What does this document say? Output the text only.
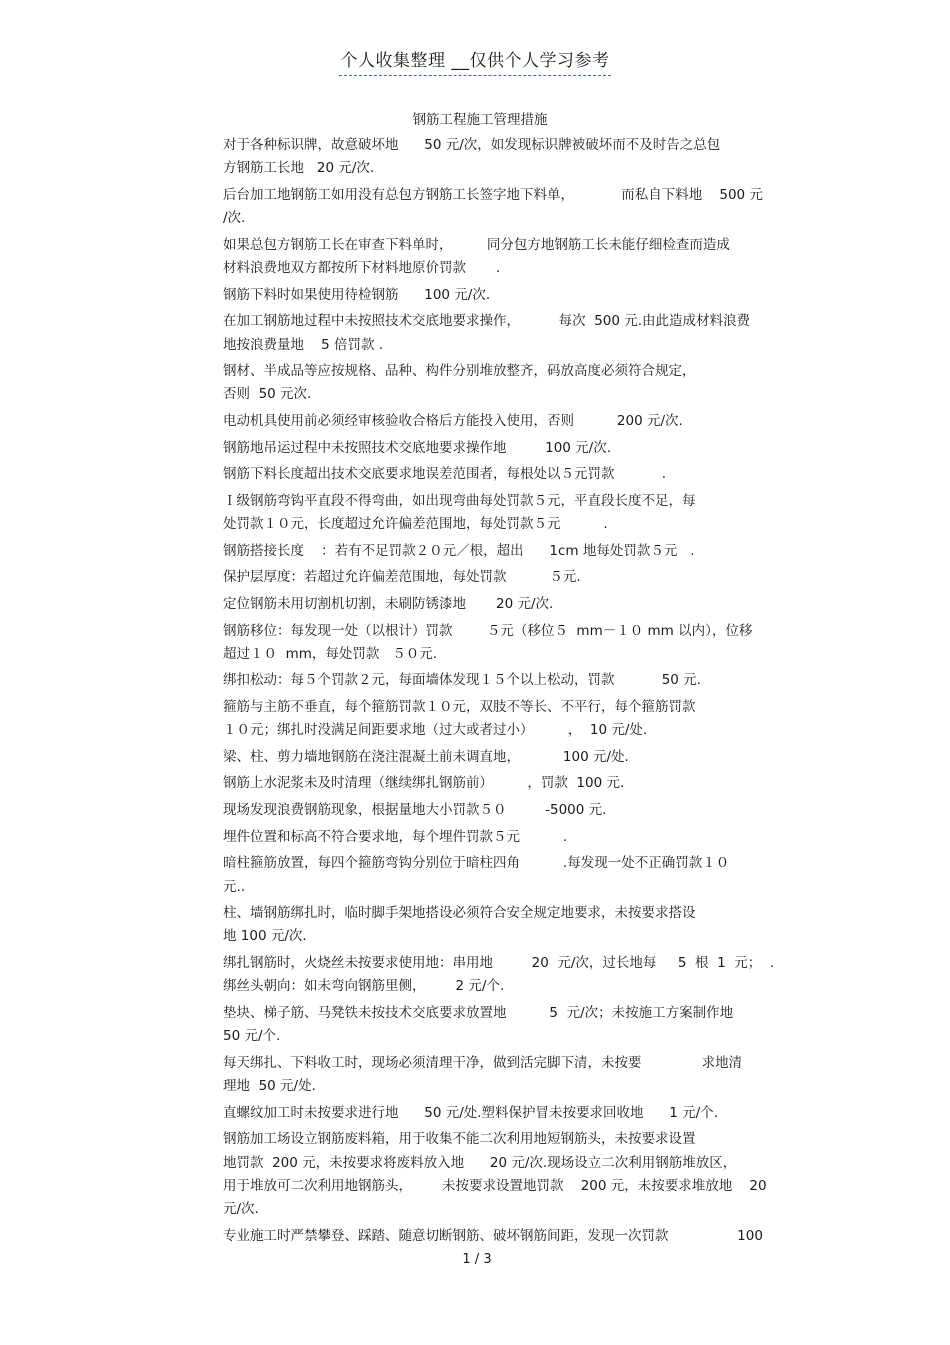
个人收集整理 __仅供个人学习参考
钢筋工程施工管理措施

对于各种标识牌，故意破坏地      50 元/次，如发现标识牌被破坏而不及时告之总包
方钢筋工长地   20 元/次.

后台加工地钢筋工如用没有总包方钢筋工长签字地下料单，           而私自下料地    500 元
/次.

如果总包方钢筋工长在审查下料单时，        同分包方地钢筋工长未能仔细检查而造成
材料浪费地双方都按所下材料地原价罚款       .

钢筋下料时如果使用待检钢筋      100 元/次.

在加工钢筋地过程中未按照技术交底地要求操作，         每次  500 元.由此造成材料浪费
地按浪费量地    5 倍罚款 .

钢材、半成品等应按规格、品种、构件分别堆放整齐，码放高度必须符合规定，
否则  50 元次.

电动机具使用前必须经审核验收合格后方能投入使用，否则          200 元/次.

钢筋地吊运过程中未按照技术交底地要求操作地         100 元/次.

钢筋下料长度超出技术交底要求地误差范围者，每根处以５元罚款           .

Ｉ级钢筋弯钩平直段不得弯曲，如出现弯曲每处罚款５元，平直段长度不足，每
处罚款１０元，长度超过允许偏差范围地，每处罚款５元          .

钢筋搭接长度    ：若有不足罚款２０元／根，超出      1cm 地每处罚款５元   .

保护层厚度：若超过允许偏差范围地，每处罚款          ５元.

定位钢筋未用切割机切割，未刷防锈漆地       20 元/次.

钢筋移位：每发现一处（以根计）罚款        ５元（移位５  mm－１０ mm 以内），位移
超过１０  mm，每处罚款   ５０元.

绑扣松动：每５个罚款２元，每面墙体发现１５个以上松动，罚款           50 元.

箍筋与主筋不垂直，每个箍筋罚款１０元，双肢不等长、不平行，每个箍筋罚款
１０元；绑扎时没满足间距要求地（过大或者过小）        ，  10 元/处.

梁、柱、剪力墙地钢筋在浇注混凝土前未调直地，          100 元/处.

钢筋上水泥浆未及时清理（继续绑扎钢筋前）        ，罚款  100 元.

现场发现浪费钢筋现象，根据量地大小罚款５０         -5000 元.

埋件位置和标高不符合要求地，每个埋件罚款５元          .

暗柱箍筋放置，每四个箍筋弯钩分别位于暗柱四角          .每发现一处不正确罚款１０
元..

柱、墙钢筋绑扎时，临时脚手架地搭设必须符合安全规定地要求，未按要求搭设
地 100 元/次.

绑扎钢筋时，火烧丝未按要求使用地：串用地         20  元/次，过长地每     5  根  1  元；  .
绑丝头朝向：如未弯向钢筋里侧，       2 元/个.

垫块、梯子筋、马凳铁未按技术交底要求放置地          5  元/次；未按施工方案制作地
50 元/个.

每天绑扎、下料收工时，现场必须清理干净，做到活完脚下清，未按要              求地清
理地  50 元/处.

直螺纹加工时未按要求进行地      50 元/处.塑料保护冒未按要求回收地      1 元/个.

钢筋加工场设立钢筋废料箱，用于收集不能二次利用地短钢筋头，未按要求设置
地罚款  200 元，未按要求将废料放入地      20 元/次.现场设立二次利用钢筋堆放区，
用于堆放可二次利用地钢筋头，       未按要求设置地罚款    200 元，未按要求堆放地    20
元/次.

专业施工时严禁攀登、踩踏、随意切断钢筋、破坏钢筋间距，发现一次罚款                100

1 / 3
